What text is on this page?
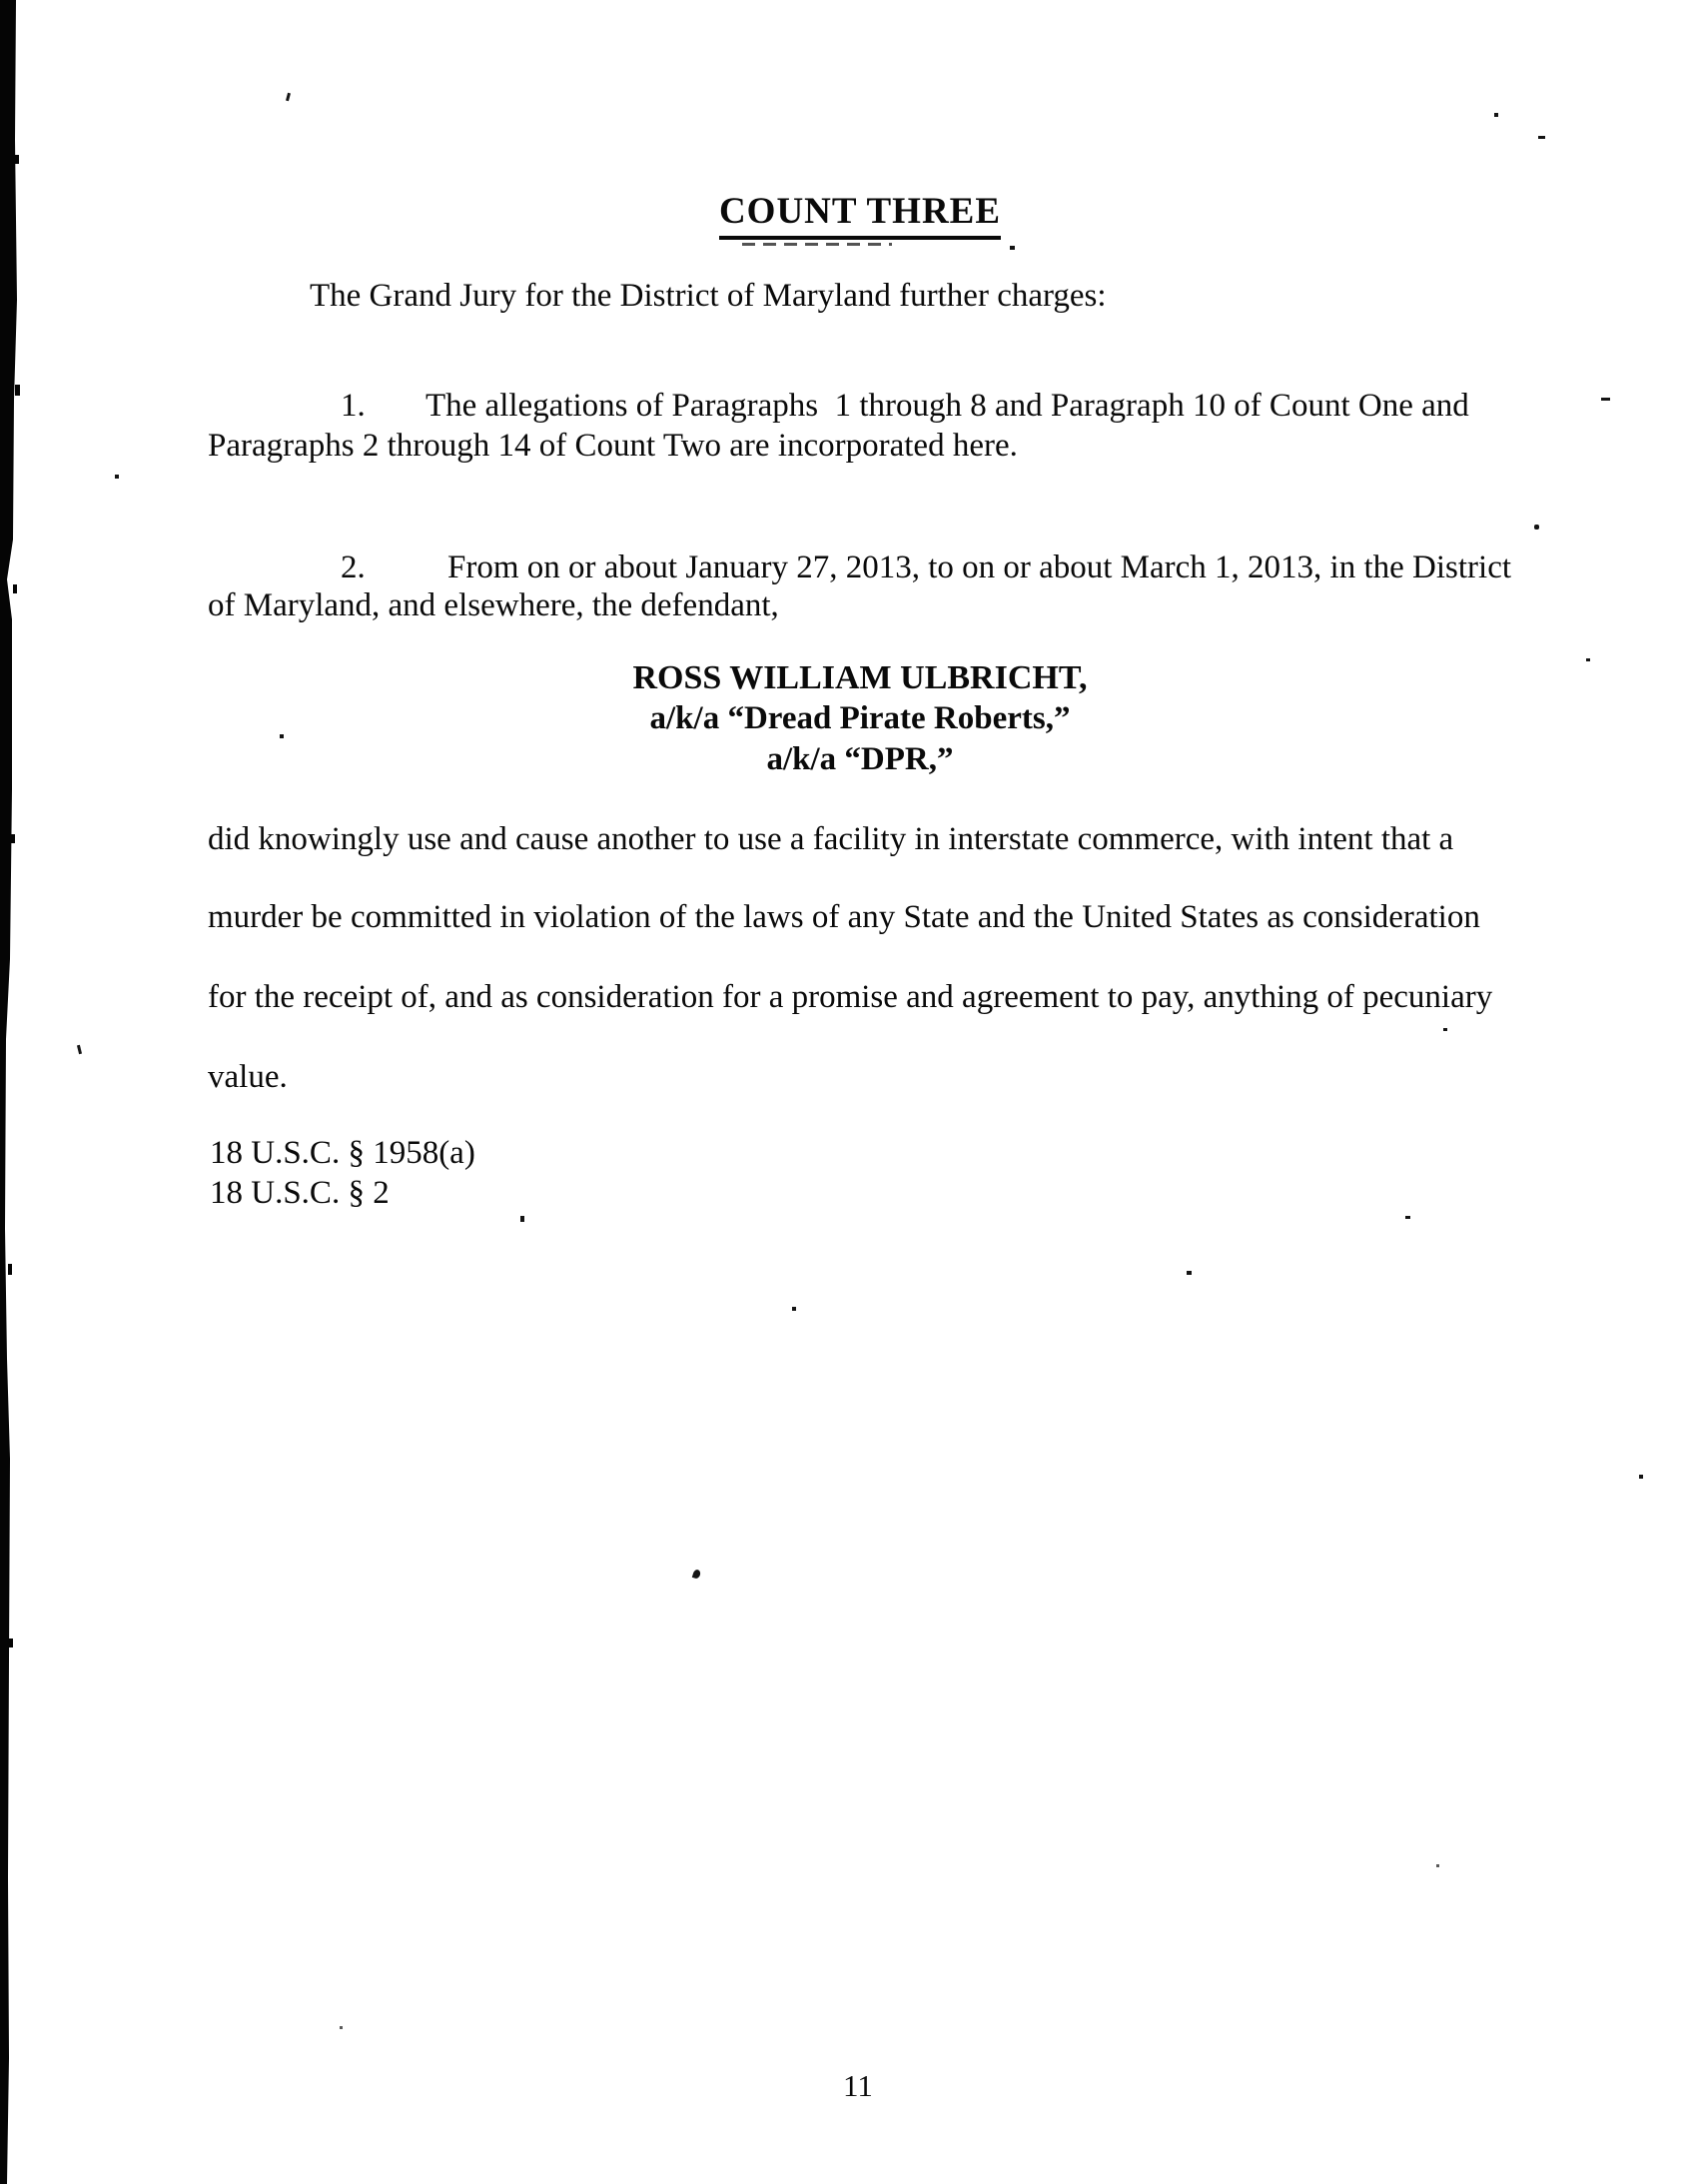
COUNT THREE
The Grand Jury for the District of Maryland further charges:

1. The allegations of Paragraphs  1 through 8 and Paragraph 10 of Count One and

Paragraphs 2 through 14 of Count Two are incorporated here.

2. From on or about January 27, 2013, to on or about March 1, 2013, in the District

of Maryland, and elsewhere, the defendant,
ROSS WILLIAM ULBRICHT,
a/k/a “Dread Pirate Roberts,”
a/k/a “DPR,”
did knowingly use and cause another to use a facility in interstate commerce, with intent that a
murder be committed in violation of the laws of any State and the United States as consideration
for the receipt of, and as consideration for a promise and agreement to pay, anything of pecuniary
value.
18 U.S.C. § 1958(a)
18 U.S.C. § 2
11
